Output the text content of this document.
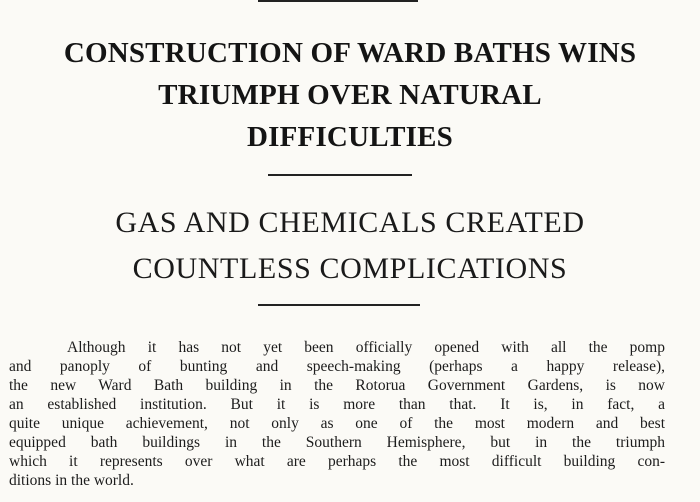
CONSTRUCTION OF WARD BATHS WINS
TRIUMPH OVER NATURAL
DIFFICULTIES
GAS AND CHEMICALS CREATED
COUNTLESS COMPLICATIONS

Although it has not yet been officially opened with all the pomp
and panoply of bunting and speech-making (perhaps a happy release),
the new Ward Bath building in the Rotorua Government Gardens, is now
an established institution. But it is more than that. It is, in fact, a
quite unique achievement, not only as one of the most modern and best
equipped bath buildings in the Southern Hemisphere, but in the triumph
which it represents over what are perhaps the most difficult building con-
ditions in the world.
